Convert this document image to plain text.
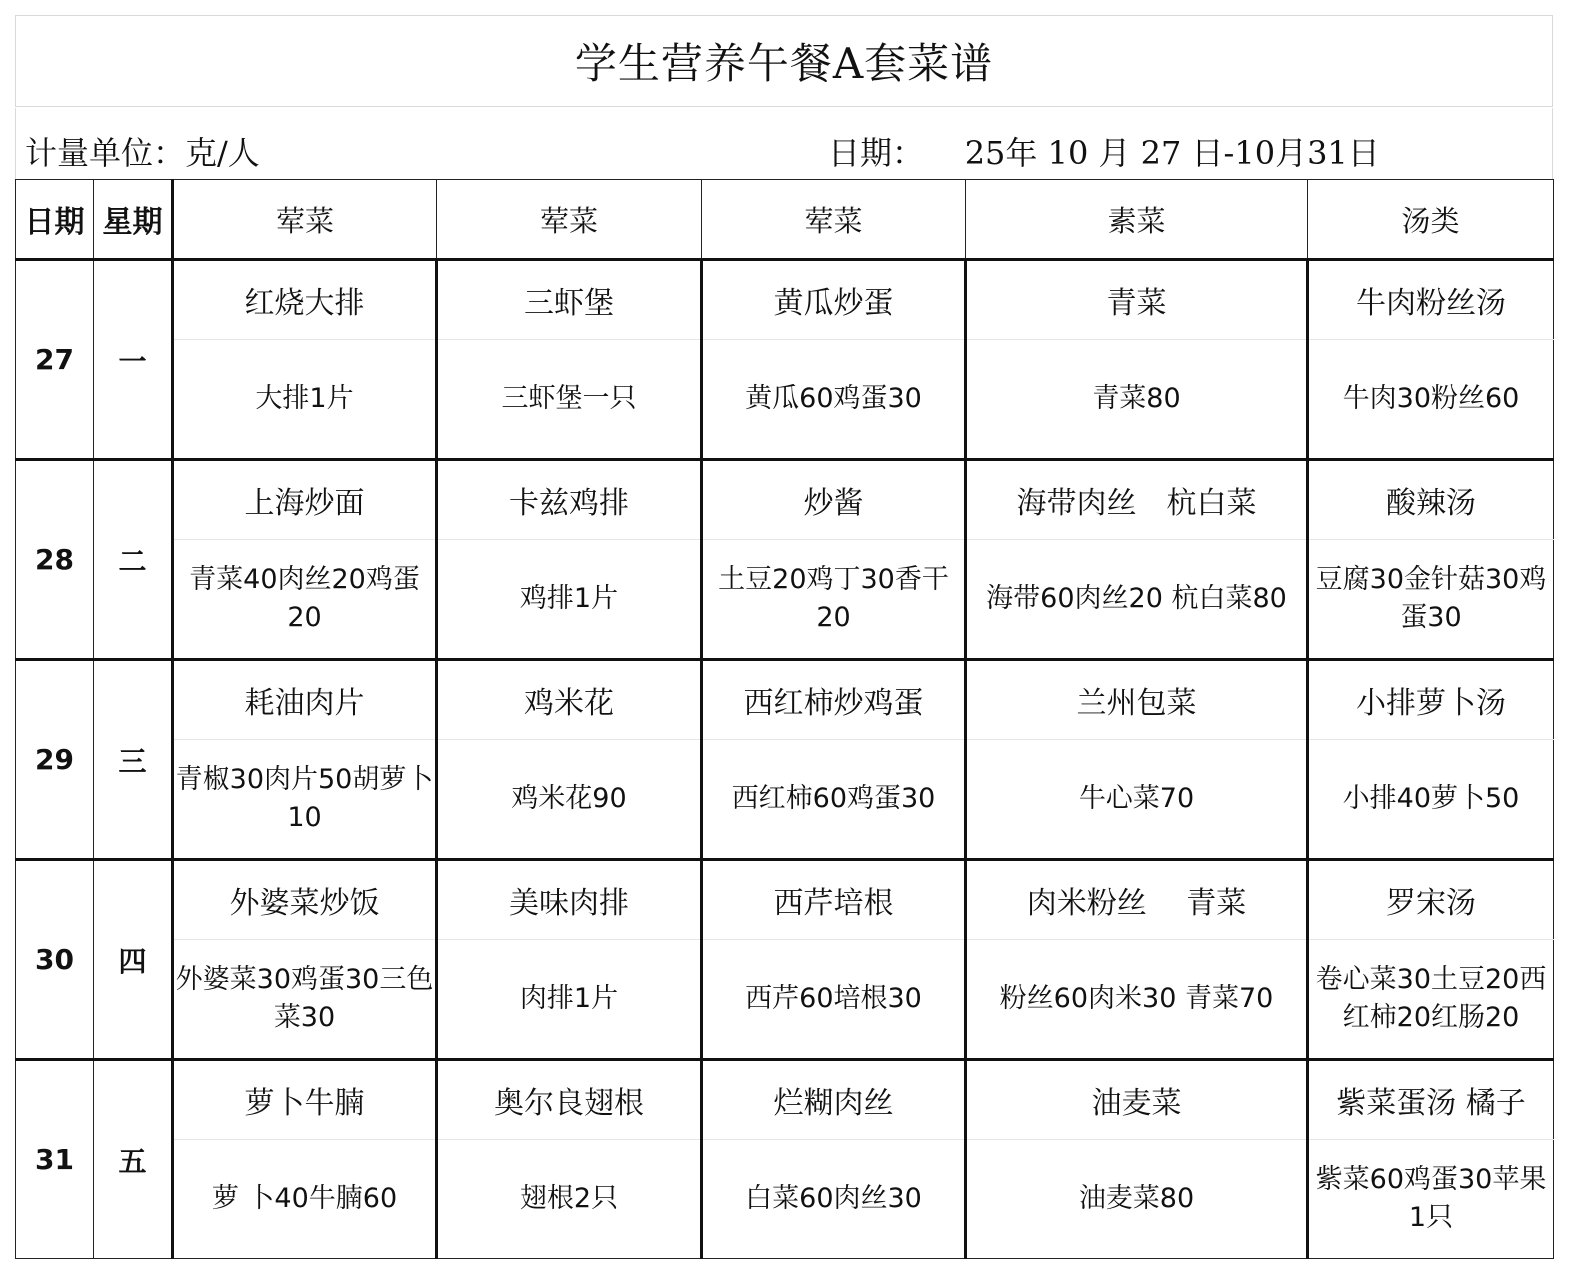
学生营养午餐A套菜谱
计量单位：克/人	日期：    25年 10 月 27 日-10月31日
日期	星期	荤菜	荤菜	荤菜	素菜	汤类
27	一	红烧大排	三虾堡	黄瓜炒蛋	青菜	牛肉粉丝汤
		大排1片	三虾堡一只	黄瓜60鸡蛋30	青菜80	牛肉30粉丝60
28	二	上海炒面	卡兹鸡排	炒酱	海带肉丝　杭白菜	酸辣汤
		青菜40肉丝20鸡蛋20	鸡排1片	土豆20鸡丁30香干20	海带60肉丝20 杭白菜80	豆腐30金针菇30鸡蛋30
29	三	耗油肉片	鸡米花	西红柿炒鸡蛋	兰州包菜	小排萝卜汤
		青椒30肉片50胡萝卜10	鸡米花90	西红柿60鸡蛋30	牛心菜70	小排40萝卜50
30	四	外婆菜炒饭	美味肉排	西芹培根	肉米粉丝　 青菜	罗宋汤
		外婆菜30鸡蛋30三色菜30	肉排1片	西芹60培根30	粉丝60肉米30 青菜70	卷心菜30土豆20西红柿20红肠20
31	五	萝卜牛腩	奥尔良翅根	烂糊肉丝	油麦菜	紫菜蛋汤 橘子
		萝 卜40牛腩60	翅根2只	白菜60肉丝30	油麦菜80	紫菜60鸡蛋30苹果1只
